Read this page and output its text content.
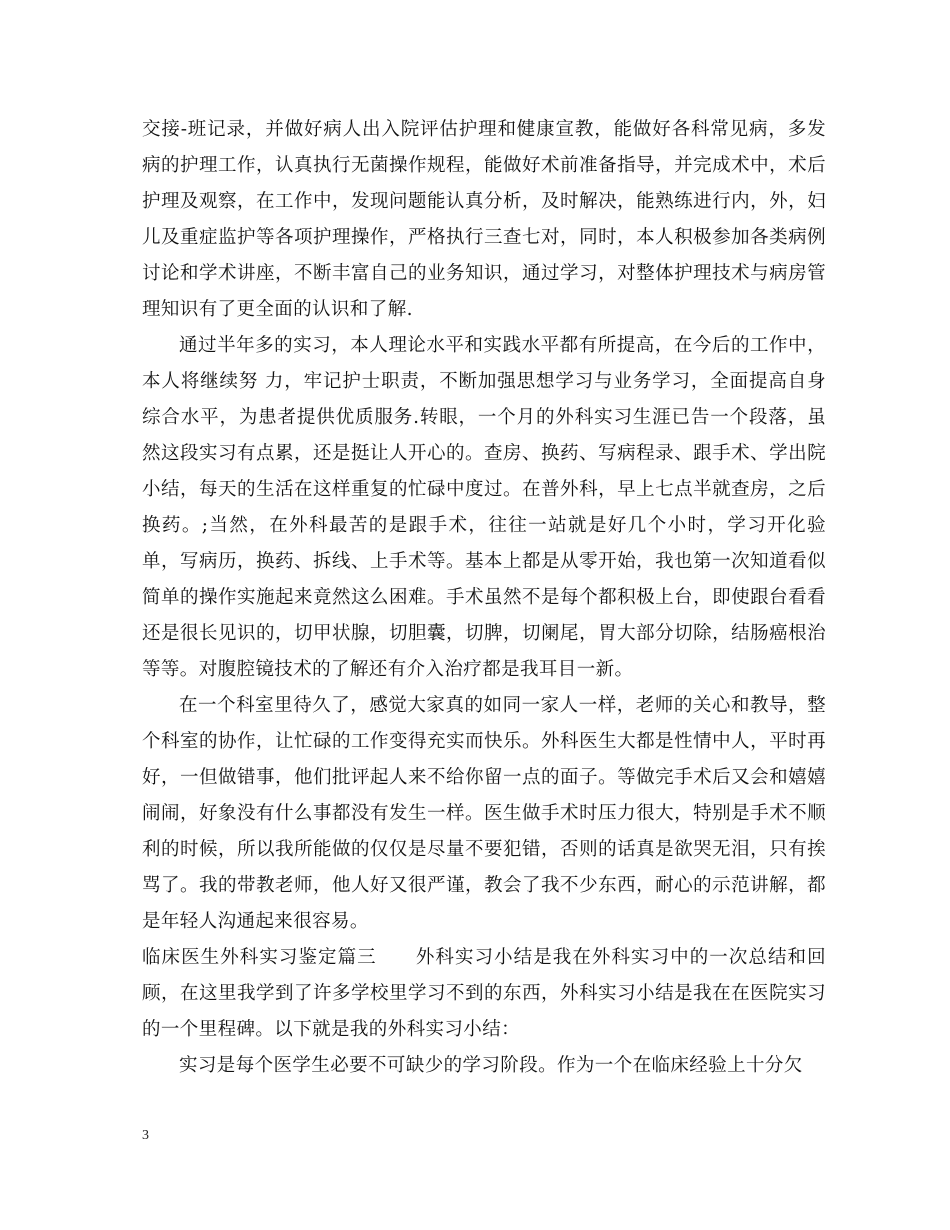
交接-班记录，并做好病人出入院评估护理和健康宣教，能做好各科常见病，多发病的护理工作，认真执行无菌操作规程，能做好术前准备指导，并完成术中，术后护理及观察，在工作中，发现问题能认真分析，及时解决，能熟练进行内，外，妇儿及重症监护等各项护理操作，严格执行三查七对，同时，本人积极参加各类病例讨论和学术讲座，不断丰富自己的业务知识，通过学习，对整体护理技术与病房管理知识有了更全面的认识和了解.

通过半年多的实习，本人理论水平和实践水平都有所提高，在今后的工作中，本人将继续努 力，牢记护士职责，不断加强思想学习与业务学习，全面提高自身综合水平，为患者提供优质服务.转眼，一个月的外科实习生涯已告一个段落，虽然这段实习有点累，还是挺让人开心的。查房、换药、写病程录、跟手术、学出院小结，每天的生活在这样重复的忙碌中度过。在普外科，早上七点半就查房，之后换药。;当然，在外科最苦的是跟手术，往往一站就是好几个小时，学习开化验单，写病历，换药、拆线、上手术等。基本上都是从零开始，我也第一次知道看似简单的操作实施起来竟然这么困难。手术虽然不是每个都积极上台，即使跟台看看还是很长见识的，切甲状腺，切胆囊，切脾，切阑尾，胃大部分切除，结肠癌根治等等。对腹腔镜技术的了解还有介入治疗都是我耳目一新。

在一个科室里待久了，感觉大家真的如同一家人一样，老师的关心和教导，整个科室的协作，让忙碌的工作变得充实而快乐。外科医生大都是性情中人，平时再好，一但做错事，他们批评起人来不给你留一点的面子。等做完手术后又会和嬉嬉闹闹，好象没有什么事都没有发生一样。医生做手术时压力很大，特别是手术不顺利的时候，所以我所能做的仅仅是尽量不要犯错，否则的话真是欲哭无泪，只有挨骂了。我的带教老师，他人好又很严谨，教会了我不少东西，耐心的示范讲解，都是年轻人沟通起来很容易。

临床医生外科实习鉴定篇三　　外科实习小结是我在外科实习中的一次总结和回顾，在这里我学到了许多学校里学习不到的东西，外科实习小结是我在在医院实习的一个里程碑。以下就是我的外科实习小结：

实习是每个医学生必要不可缺少的学习阶段。作为一个在临床经验上十分欠

3
